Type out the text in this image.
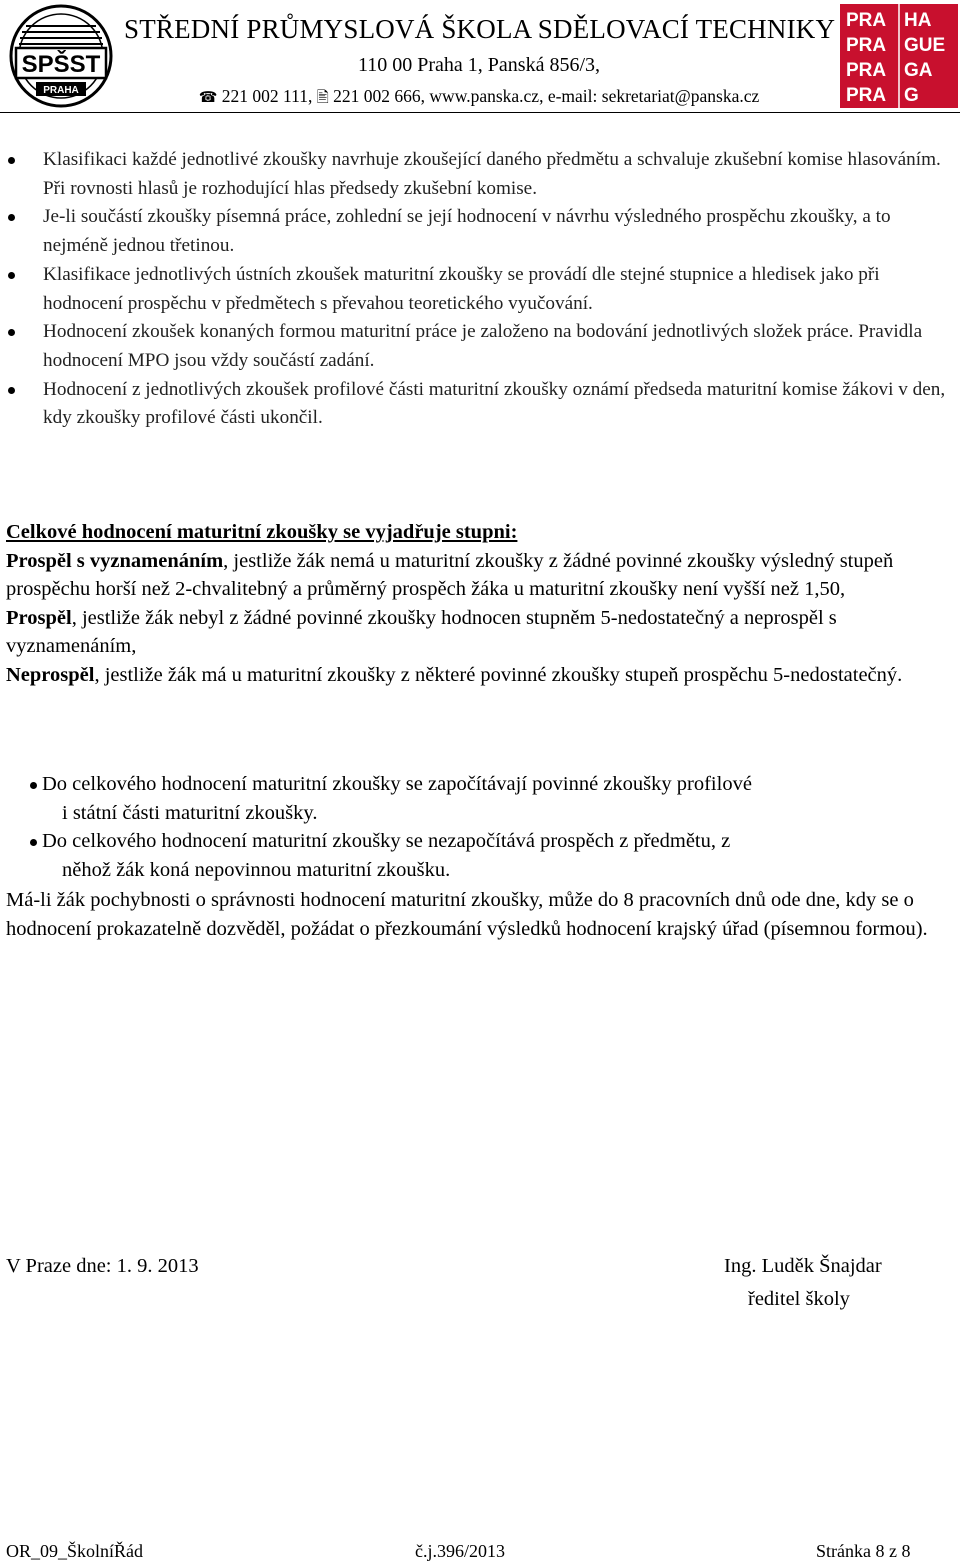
SPŠST
PRAHA
STŘEDNÍ PRŮMYSLOVÁ ŠKOLA SDĚLOVACÍ TECHNIKY
110 00 Praha 1, Panská 856/3,
☎ 221 002 111, 🖹 221 002 666, www.panska.cz, e-mail: sekretariat@panska.cz
PRA HA
PRA GUE
PRA GA
PRA G
Klasifikaci každé jednotlivé zkoušky navrhuje zkoušející daného předmětu a schvaluje zkušební komise hlasováním. Při rovnosti hlasů je rozhodující hlas předsedy zkušební komise.
Je-li součástí zkoušky písemná práce, zohlední se její hodnocení v návrhu výsledného prospěchu zkoušky, a to nejméně jednou třetinou.
Klasifikace jednotlivých ústních zkoušek maturitní zkoušky se provádí dle stejné stupnice a hledisek jako při hodnocení prospěchu v předmětech s převahou teoretického vyučování.
Hodnocení zkoušek konaných formou maturitní práce je založeno na bodování jednotlivých složek práce. Pravidla hodnocení MPO jsou vždy součástí zadání.
Hodnocení z jednotlivých zkoušek profilové části maturitní zkoušky oznámí předseda maturitní komise žákovi v den, kdy zkoušky profilové části ukončil.

Celkové hodnocení maturitní zkoušky se vyjadřuje stupni:

Prospěl s vyznamenáním, jestliže žák nemá u maturitní zkoušky z žádné povinné zkoušky výsledný stupeň prospěchu horší než 2-chvalitebný a průměrný prospěch žáka u maturitní zkoušky není vyšší než 1,50,

Prospěl, jestliže žák nebyl z žádné povinné zkoušky hodnocen stupněm 5-nedostatečný a neprospěl s vyznamenáním,

Neprospěl, jestliže žák má u maturitní zkoušky z některé povinné zkoušky stupeň prospěchu 5-nedostatečný.

Do celkového hodnocení maturitní zkoušky se započítávají povinné zkoušky profilové
i státní části maturitní zkoušky.
Do celkového hodnocení maturitní zkoušky se nezapočítává prospěch z předmětu, z
něhož žák koná nepovinnou maturitní zkoušku.
Má-li žák pochybnosti o správnosti hodnocení maturitní zkoušky, může do 8 pracovních dnů ode dne, kdy se o hodnocení prokazatelně dozvěděl, požádat o přezkoumání výsledků hodnocení krajský úřad (písemnou formou).
V Praze dne: 1. 9. 2013	Ing. Luděk Šnajdar
ředitel školy
OR_09_ŠkolníŘád	č.j.396/2013	Stránka 8 z 8
